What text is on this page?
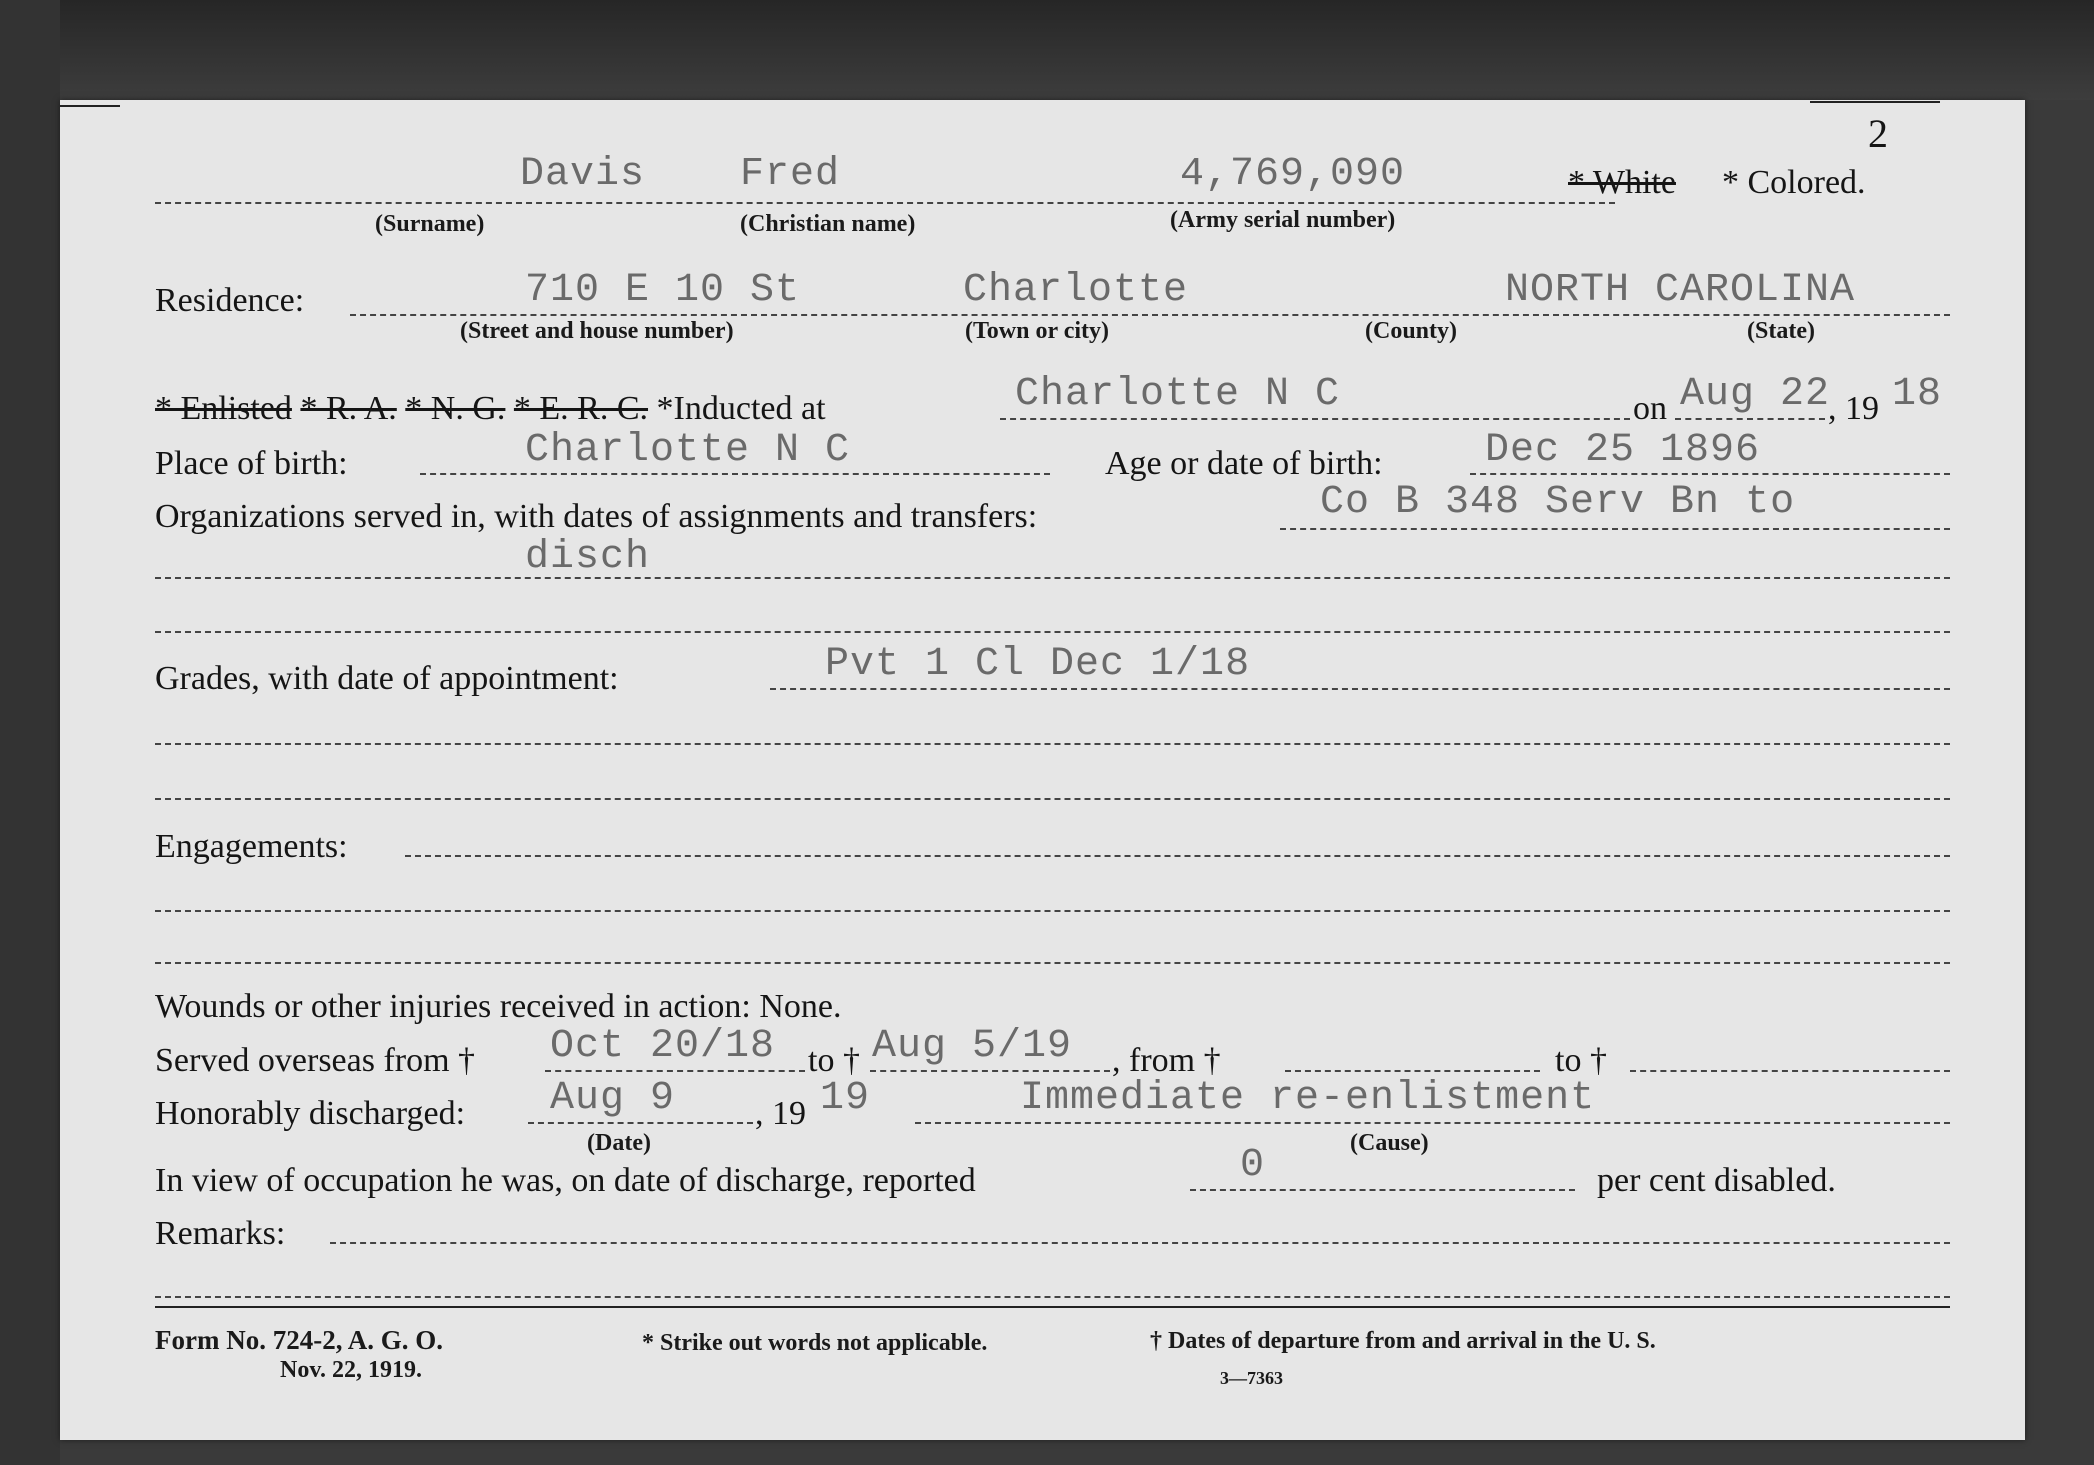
2
Davis Fred	4,769,090	* White * Colored.
(Surname)	(Christian name)	(Army serial number)
Residence:	710 E 10 St	Charlotte	NORTH CAROLINA
(Street and house number)	(Town or city)	(County)	(State)
* Enlisted * R. A. * N. G. * E. R. C. *Inducted at	Charlotte N C	on Aug 22
, 19 18
Place of birth:	Charlotte N C	Age or date of birth:	Dec 25 1896
Organizations served in, with dates of assignments and transfers:	Co B 348 Serv Bn to
disch
Grades, with date of appointment:	Pvt 1 Cl Dec 1/18
Engagements:
Wounds or other injuries received in action: None.
Served overseas from † Oct 20/18 to † Aug 5/19 , from †	to †
Honorably discharged: Aug 9 , 19 19	Immediate re-enlistment
(Date)	(Cause)
In view of occupation he was, on date of discharge, reported	0	per cent disabled.
Remarks:
Form No. 724-2, A. G. O.
Nov. 22, 1919.
* Strike out words not applicable.	† Dates of departure from and arrival in the U. S.
3—7363
